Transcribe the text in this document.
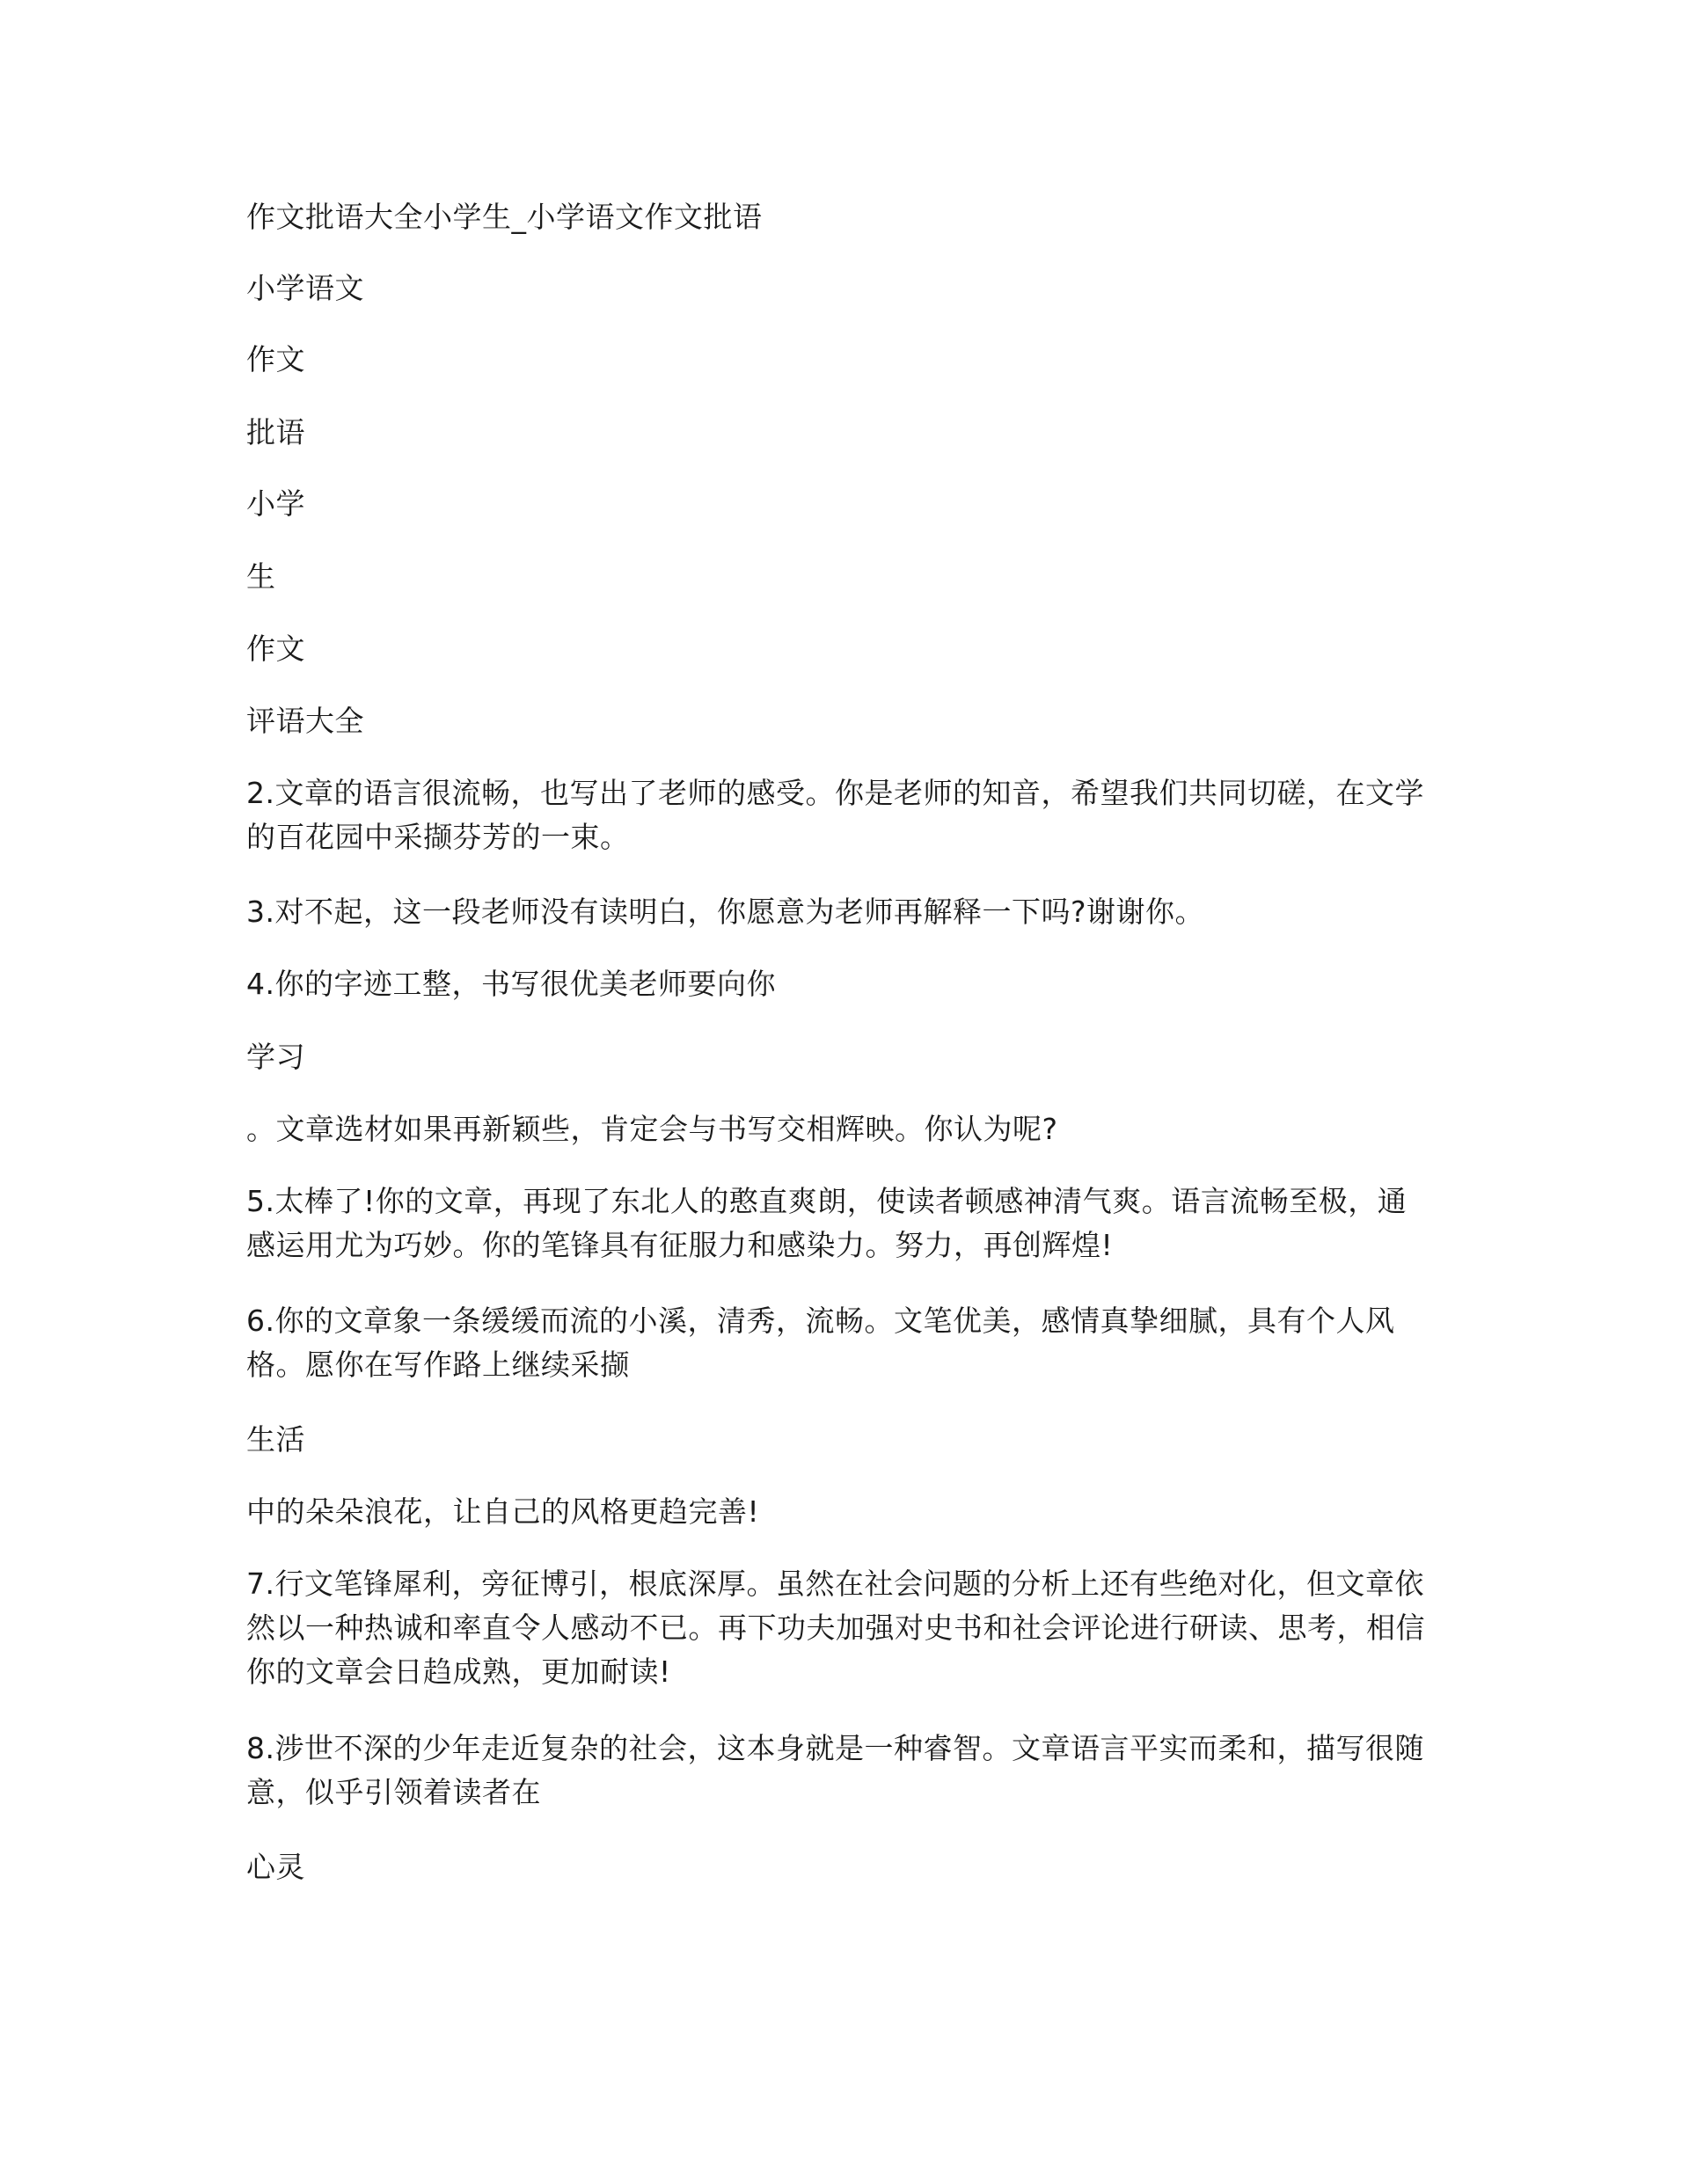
作文批语大全小学生_小学语文作文批语

小学语文

作文

批语

小学

生

作文

评语大全

2.文章的语言很流畅，也写出了老师的感受。你是老师的知音，希望我们共同切磋，在文学的百花园中采撷芬芳的一束。

3.对不起，这一段老师没有读明白，你愿意为老师再解释一下吗?谢谢你。

4.你的字迹工整，书写很优美老师要向你

学习

。文章选材如果再新颖些，肯定会与书写交相辉映。你认为呢?

5.太棒了!你的文章，再现了东北人的憨直爽朗，使读者顿感神清气爽。语言流畅至极，通感运用尤为巧妙。你的笔锋具有征服力和感染力。努力，再创辉煌!

6.你的文章象一条缓缓而流的小溪，清秀，流畅。文笔优美，感情真挚细腻，具有个人风格。愿你在写作路上继续采撷

生活

中的朵朵浪花，让自己的风格更趋完善!

7.行文笔锋犀利，旁征博引，根底深厚。虽然在社会问题的分析上还有些绝对化，但文章依然以一种热诚和率直令人感动不已。再下功夫加强对史书和社会评论进行研读、思考，相信你的文章会日趋成熟，更加耐读!

8.涉世不深的少年走近复杂的社会，这本身就是一种睿智。文章语言平实而柔和，描写很随意，似乎引领着读者在

心灵
